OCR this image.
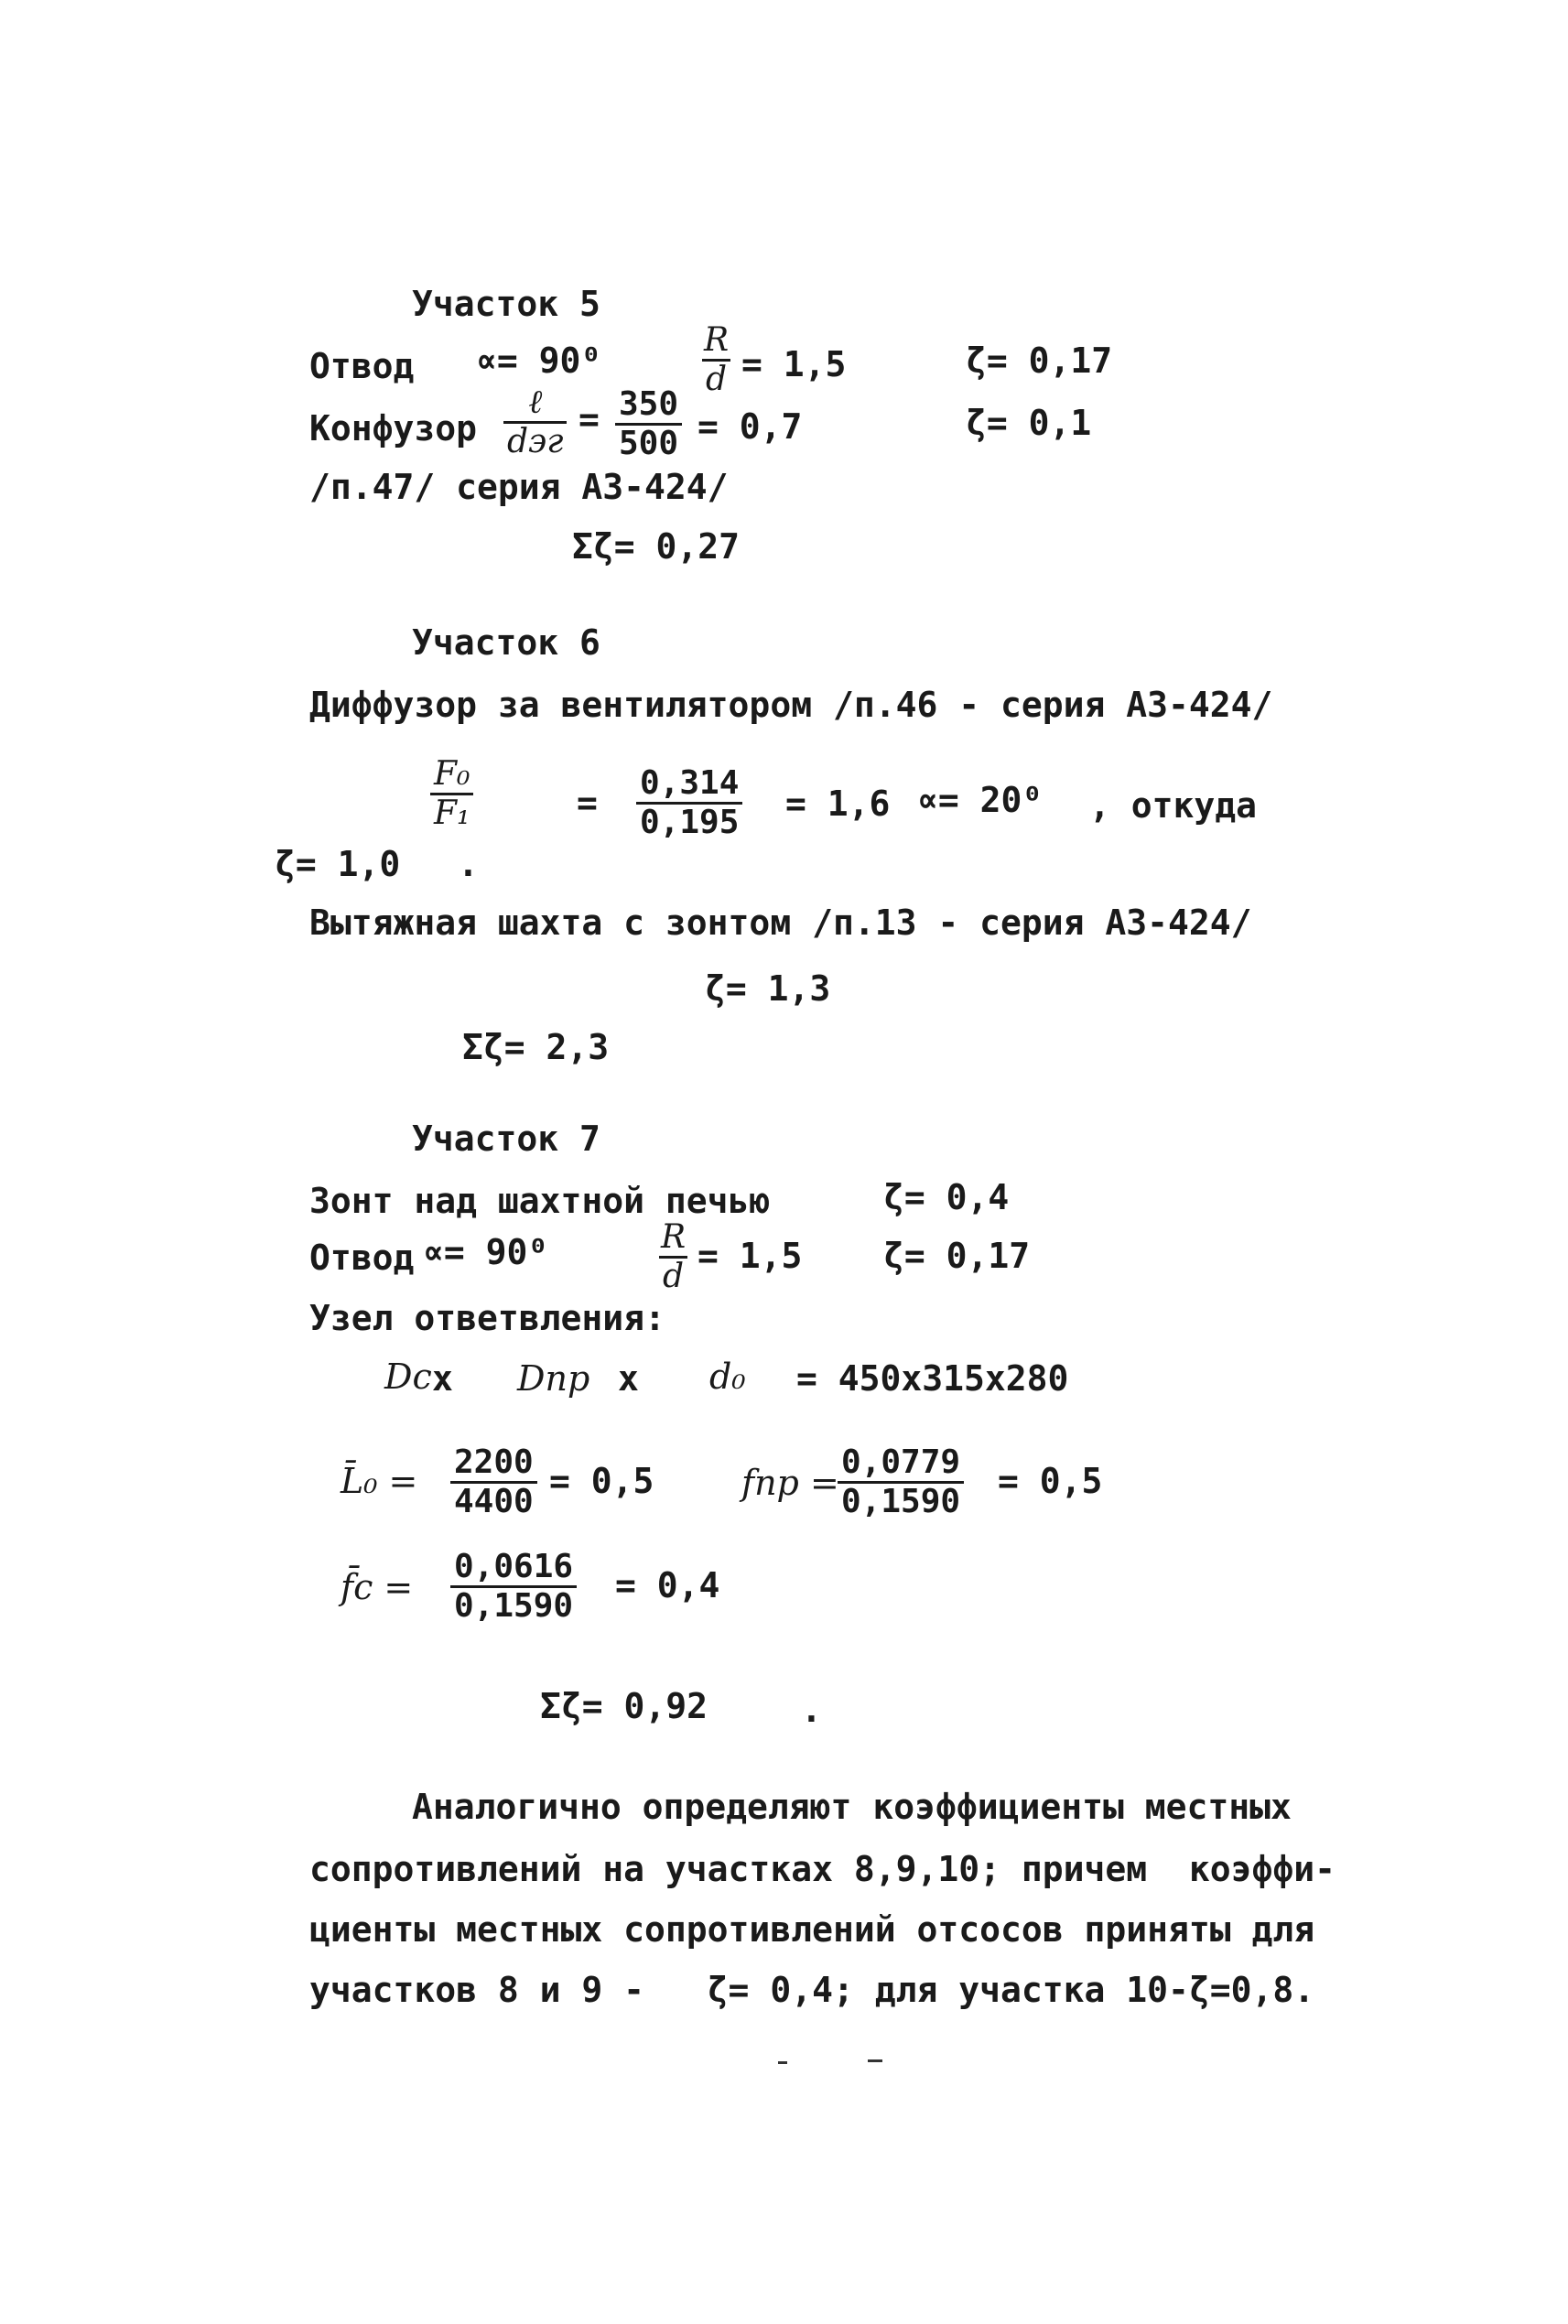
Участок 5
Отвод ∝= 90⁰	$\frac{R}{d} = 1,5$	ζ= 0,17
Конфузор
ℓ
dэг
= $\frac{350}{500} = 0,7$	ζ= 0,1
/п.47/ серия А3-424/
Σζ= 0,27
Участок 6
Диффузор за вентилятором /п.46 - серия А3-424/
$\frac{\text{F₀}}{\text{F₁}}$	= $\frac{0,314}{0,195} = 1,6 \propto= 20^0$ , откуда
ζ= 1,0 .
Вытяжная шахта с зонтом /п.13 - серия А3-424/
ζ= 1,3
Σζ= 2,3
Участок 7
Зонт над шахтной печью	ζ= 0,4
Отвод ∝= 90⁰	$\frac{R}{d} = 1,5$ ζ= 0,17
Узел ответвления:
Dc x Dпр x d₀ = 450x315x280
L̄₀ = $\frac{2200}{4400} = 0,5$	fпр =
$\frac{0,0779}{0,1590} = 0,5$
f̄c = $\frac{0,0616}{0,1590} = 0,4$
Σζ= 0,92	.
Аналогично определяют коэффициенты местных
сопротивлений на участках 8,9,10; причем  коэффи-
циенты местных сопротивлений отсосов приняты для
участков 8 и 9 -   ζ= 0,4; для участка 10-ζ=0,8.
